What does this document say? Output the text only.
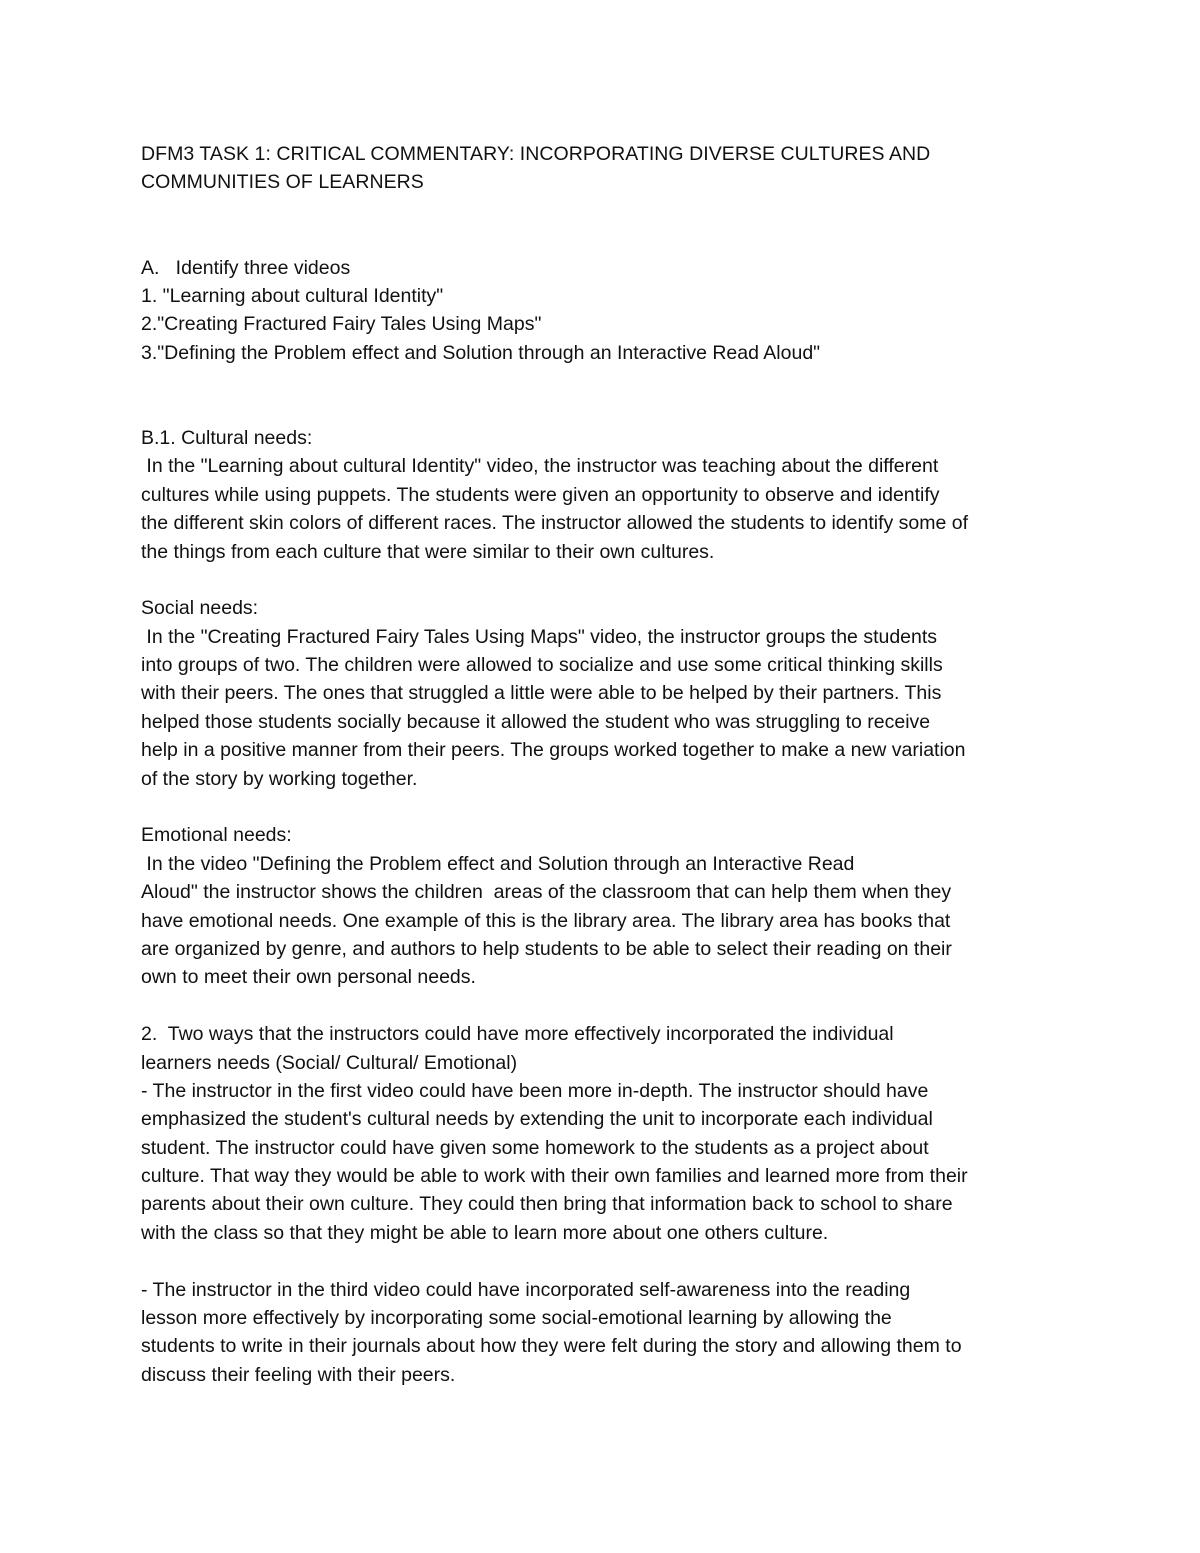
DFM3 TASK 1: CRITICAL COMMENTARY: INCORPORATING DIVERSE CULTURES AND
COMMUNITIES OF LEARNERS
A.   Identify three videos
1. "Learning about cultural Identity"
2."Creating Fractured Fairy Tales Using Maps"
3."Defining the Problem effect and Solution through an Interactive Read Aloud"
B.1. Cultural needs:
In the "Learning about cultural Identity" video, the instructor was teaching about the different
cultures while using puppets. The students were given an opportunity to observe and identify
the different skin colors of different races. The instructor allowed the students to identify some of
the things from each culture that were similar to their own cultures.
Social needs:
In the "Creating Fractured Fairy Tales Using Maps" video, the instructor groups the students
into groups of two. The children were allowed to socialize and use some critical thinking skills
with their peers. The ones that struggled a little were able to be helped by their partners. This
helped those students socially because it allowed the student who was struggling to receive
help in a positive manner from their peers. The groups worked together to make a new variation
of the story by working together.
Emotional needs:
In the video "Defining the Problem effect and Solution through an Interactive Read
Aloud" the instructor shows the children  areas of the classroom that can help them when they
have emotional needs. One example of this is the library area. The library area has books that
are organized by genre, and authors to help students to be able to select their reading on their
own to meet their own personal needs.
2.  Two ways that the instructors could have more effectively incorporated the individual
learners needs (Social/ Cultural/ Emotional)
- The instructor in the first video could have been more in-depth. The instructor should have
emphasized the student's cultural needs by extending the unit to incorporate each individual
student. The instructor could have given some homework to the students as a project about
culture. That way they would be able to work with their own families and learned more from their
parents about their own culture. They could then bring that information back to school to share
with the class so that they might be able to learn more about one others culture.
- The instructor in the third video could have incorporated self-awareness into the reading
lesson more effectively by incorporating some social-emotional learning by allowing the
students to write in their journals about how they were felt during the story and allowing them to
discuss their feeling with their peers.
